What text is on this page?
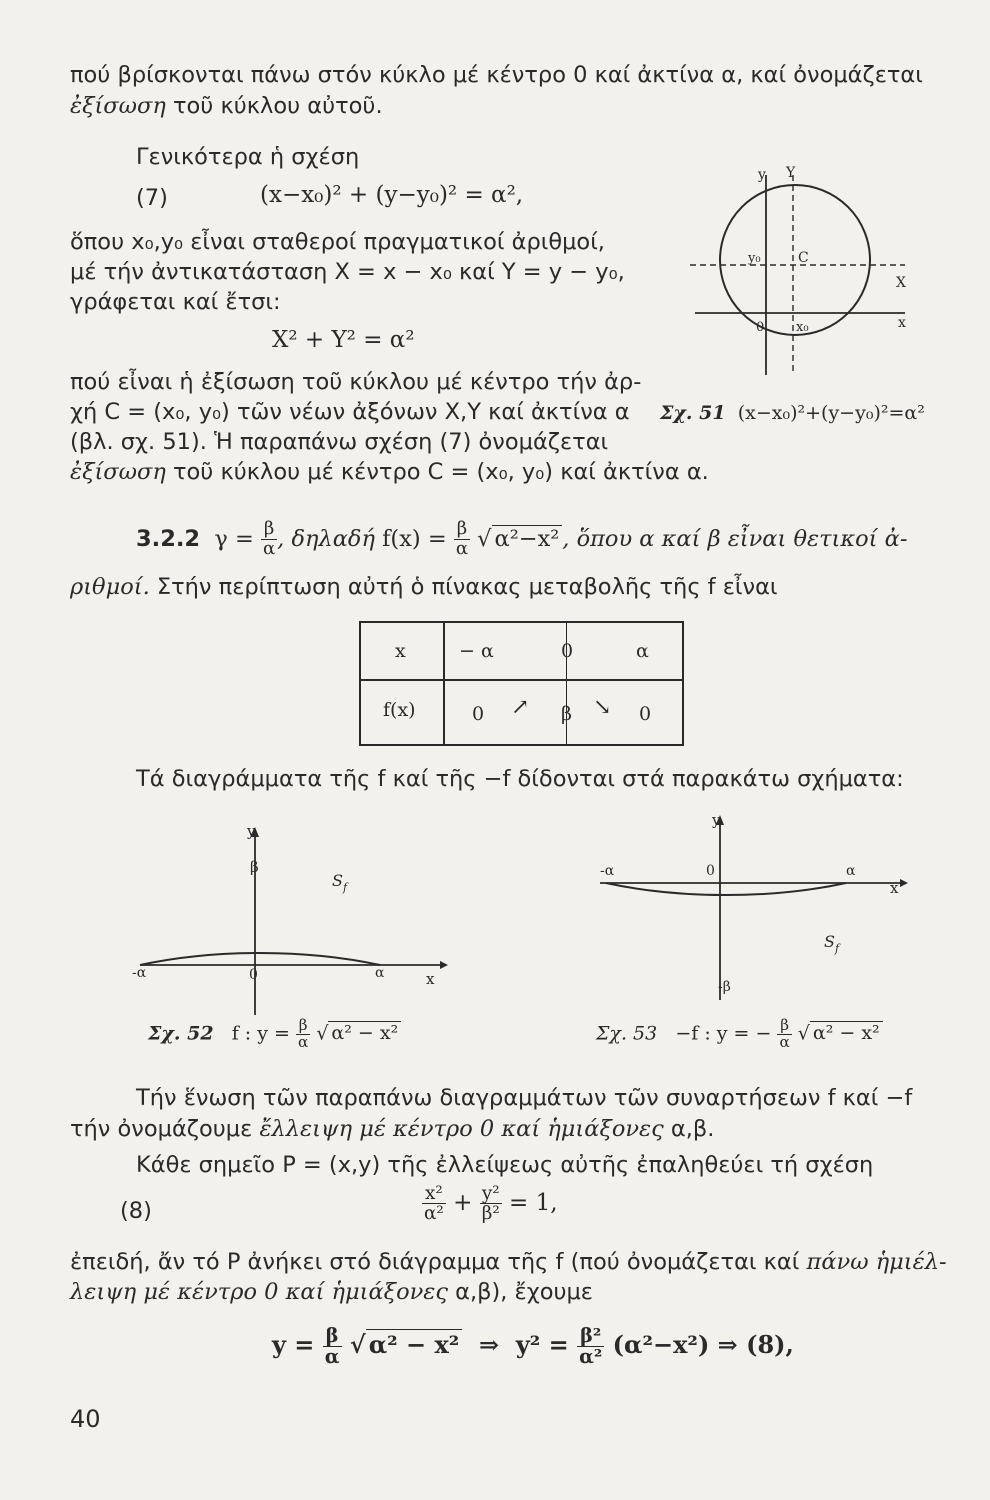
πού βρίσκονται πάνω στόν κύκλο μέ κέντρο 0 καί ἀκτίνα α, καί ὀνομάζεται
ἐξίσωση τοῦ κύκλου αὐτοῦ.
Γενικότερα ἡ σχέση
(7)	(x−x₀)² + (y−y₀)² = α²,
ὅπου x₀,y₀ εἶναι σταθεροί πραγματικοί ἀριθμοί,
μέ τήν ἀντικατάσταση X = x − x₀ καί Y = y − y₀,
γράφεται καί ἔτσι:
X² + Y² = α²
πού εἶναι ἡ ἐξίσωση τοῦ κύκλου μέ κέντρο τήν ἀρ-
χή C = (x₀, y₀) τῶν νέων ἀξόνων X,Y καί ἀκτίνα α
(βλ. σχ. 51). Ἡ παραπάνω σχέση (7) ὀνομάζεται
ἐξίσωση τοῦ κύκλου μέ κέντρο C = (x₀, y₀) καί ἀκτίνα α.
y Y
y₀	C
X
0 x₀	x
Σχ. 51 (x−x₀)²+(y−y₀)²=α²
3.2.2 $\gamma = \frac{\beta}{\alpha}$ , δηλαδή $f(x) = \frac{\beta}{\alpha}$ √ α²−x² , ὅπου α καί β εἶναι θετικοί ἀ-
ριθμοί. Στήν περίπτωση αὐτή ὁ πίνακας μεταβολῆς τῆς f εἶναι
x	− α	0	α
f(x)	0 ↗ β ↘ 0
Τά διαγράμματα τῆς f καί τῆς −f δίδονται στά παρακάτω σχήματα:
y
β
$S_f$
-α	0	α	x
Σχ. 52 f : $y = \frac{\beta}{\alpha}$ √ α² − x²
y
-α	0	α
x
$S_f$
-β
Σχ. 53 −f : y = − $\frac{\beta}{\alpha}$ √ α² − x²
Τήν ἕνωση τῶν παραπάνω διαγραμμάτων τῶν συναρτήσεων f καί −f
τήν ὀνομάζουμε ἔλλειψη μέ κέντρο 0 καί ἡμιάξονες α,β.
Κάθε σημεῖο P = (x,y) τῆς ἐλλείψεως αὐτῆς ἐπαληθεύει τή σχέση
(8)	$\frac{\text{x²}}{\text{α²}} + \frac{\text{y²}}{\text{β²}} = 1$,
ἐπειδή, ἄν τό P ἀνήκει στό διάγραμμα τῆς f (πού ὀνομάζεται καί πάνω ἡμιέλ-
λειψη μέ κέντρο 0 καί ἡμιάξονες α,β), ἔχουμε
$y = \frac{\beta}{\alpha}$ √ α² − x² ⇒ $y^2 = \frac{\text{β²}}{\text{α²}} (\alpha^2-x^2)$ ⇒ (8),
40
